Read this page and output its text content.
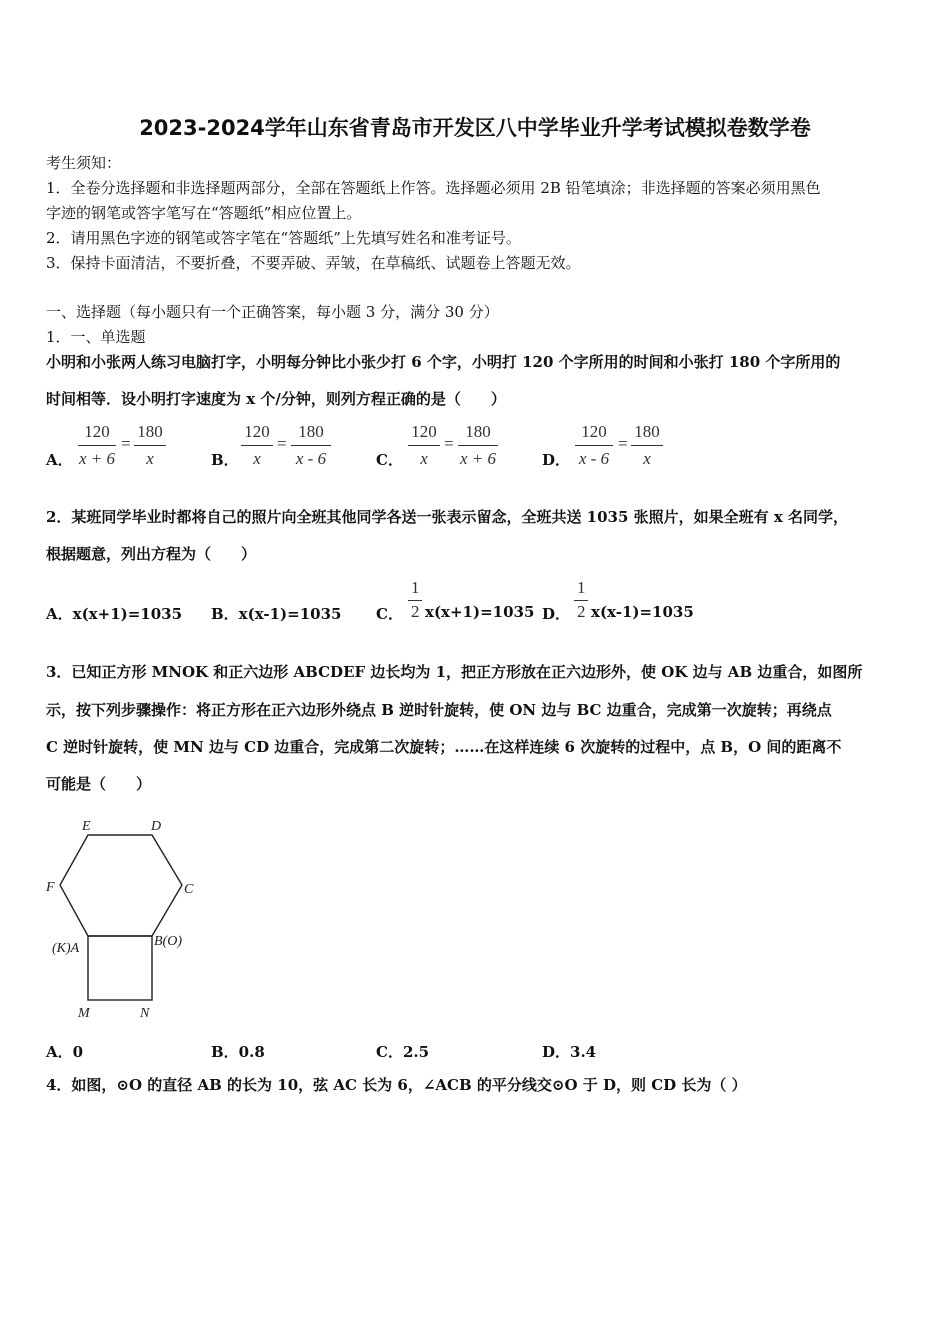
2023-2024学年山东省青岛市开发区八中学毕业升学考试模拟卷数学卷
考生须知：
1．全卷分选择题和非选择题两部分，全部在答题纸上作答。选择题必须用 2B 铅笔填涂；非选择题的答案必须用黑色
字迹的钢笔或答字笔写在“答题纸”相应位置上。
2．请用黑色字迹的钢笔或答字笔在“答题纸”上先填写姓名和准考证号。
3．保持卡面清洁，不要折叠，不要弄破、弄皱，在草稿纸、试题卷上答题无效。
一、选择题（每小题只有一个正确答案，每小题 3 分，满分 30 分）
1．一、单选题
小明和小张两人练习电脑打字，小明每分钟比小张少打 6 个字，小明打 120 个字所用的时间和小张打 180 个字所用的
时间相等．设小明打字速度为 x 个/分钟，则列方程正确的是（　　）
A．
120
x + 6
=
180
x	B．
120
x
=
180
x - 6	C．
120
x
=
180
x + 6	D．
120
x - 6
=
180
x
2．某班同学毕业时都将自己的照片向全班其他同学各送一张表示留念，全班共送 1035 张照片，如果全班有 x 名同学，
根据题意，列出方程为（　　）
A．x(x+1)=1035 B．x(x-1)=1035 C．
1
2 x(x+1)=1035 D．
1
2 x(x-1)=1035
3．已知正方形 MNOK 和正六边形 ABCDEF 边长均为 1，把正方形放在正六边形外，使 OK 边与 AB 边重合，如图所
示，按下列步骤操作：将正方形在正六边形外绕点 B 逆时针旋转，使 ON 边与 BC 边重合，完成第一次旋转；再绕点
C 逆时针旋转，使 MN 边与 CD 边重合，完成第二次旋转；……在这样连续 6 次旋转的过程中，点 B，O 间的距离不
可能是（　　）
E	D
F	C
(K)A	B(O)
M	N
A．0	B．0.8	C．2.5	D．3.4
4．如图，⊙O 的直径 AB 的长为 10，弦 AC 长为 6，∠ACB 的平分线交⊙O 于 D，则 CD 长为（ ）
